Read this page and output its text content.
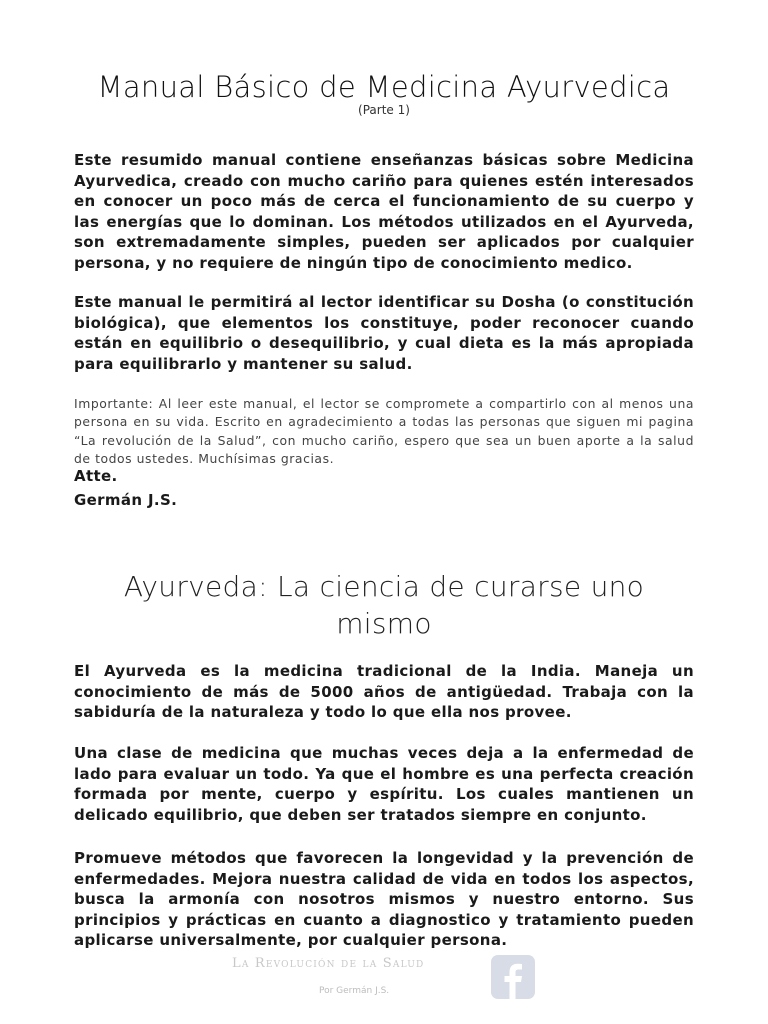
Manual Básico de Medicina Ayurvedica
(Parte 1)
Este resumido manual contiene enseñanzas básicas sobre Medicina Ayurvedica, creado con mucho cariño para quienes estén interesados en conocer un poco más de cerca el funcionamiento de su cuerpo y las energías que lo dominan. Los métodos utilizados en el Ayurveda, son extremadamente simples, pueden ser aplicados por cualquier persona, y no requiere de ningún tipo de conocimiento medico.
Este manual le permitirá al lector identificar su Dosha (o constitución biológica), que elementos los constituye, poder reconocer cuando están en equilibrio o desequilibrio, y cual dieta es la más apropiada para equilibrarlo y mantener su salud.
Importante: Al leer este manual, el lector se compromete a compartirlo con al menos una persona en su vida. Escrito en agradecimiento a todas las personas que siguen mi pagina “La revolución de la Salud”, con mucho cariño, espero que sea un buen aporte a la salud de todos ustedes. Muchísimas gracias.
Atte.
Germán J.S.
Ayurveda: La ciencia de curarse uno mismo
El Ayurveda es la medicina tradicional de la India. Maneja un conocimiento de más de 5000 años de antigüedad. Trabaja con la sabiduría de la naturaleza y todo lo que ella nos provee.
Una clase de medicina que muchas veces deja a la enfermedad de lado para evaluar un todo. Ya que el hombre es una perfecta creación formada por mente, cuerpo y espíritu. Los cuales mantienen un delicado equilibrio, que deben ser tratados siempre en conjunto.
Promueve métodos que favorecen la longevidad y la prevención de enfermedades. Mejora nuestra calidad de vida en todos los aspectos, busca la armonía con nosotros mismos y nuestro entorno. Sus principios y prácticas en cuanto a diagnostico y tratamiento pueden aplicarse universalmente, por cualquier persona.
La Revolución de la Salud
Por Germán J.S.
